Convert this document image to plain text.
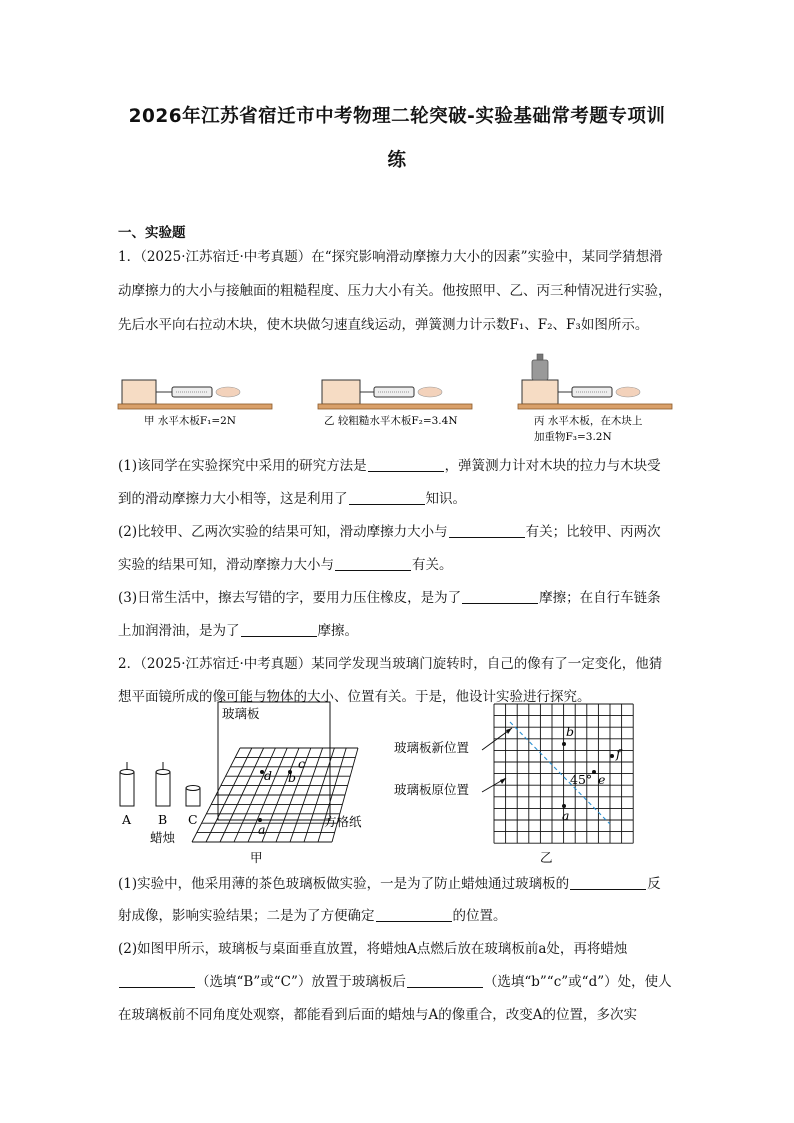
2026年江苏省宿迁市中考物理二轮突破-实验基础常考题专项训
练
一、实验题
1．（2025·江苏宿迁·中考真题）在“探究影响滑动摩擦力大小的因素”实验中，某同学猜想滑
动摩擦力的大小与接触面的粗糙程度、压力大小有关。他按照甲、乙、丙三种情况进行实验，
先后水平向右拉动木块，使木块做匀速直线运动，弹簧测力计示数F₁、F₂、F₃如图所示。
甲 水平木板F₁=2N	乙 较粗糙水平木板F₂=3.4N	丙 水平木板，在木块上
加重物F₃=3.2N
(1)该同学在实验探究中采用的研究方法是	，弹簧测力计对木块的拉力与木块受
到的滑动摩擦力大小相等，这是利用了	知识。
(2)比较甲、乙两次实验的结果可知，滑动摩擦力大小与	有关；比较甲、丙两次
实验的结果可知，滑动摩擦力大小与	有关。
(3)日常生活中，擦去写错的字，要用力压住橡皮，是为了	摩擦；在自行车链条
上加润滑油，是为了	摩擦。
2．（2025·江苏宿迁·中考真题）某同学发现当玻璃门旋转时，自己的像有了一定变化，他猜
想平面镜所成的像可能与物体的大小、位置有关。于是，他设计实验进行探究。
玻璃板
A B C
蜡烛
方格纸
d b
c
a
甲
玻璃板新位置
玻璃板原位置
b
f
e
a
45°
乙
(1)实验中，他采用薄的茶色玻璃板做实验，一是为了防止蜡烛通过玻璃板的	反
射成像，影响实验结果；二是为了方便确定	的位置。
(2)如图甲所示，玻璃板与桌面垂直放置，将蜡烛A点燃后放在玻璃板前a处，再将蜡烛
（选填“B”或“C”）放置于玻璃板后	（选填“b”“c”或“d”）处，使人
在玻璃板前不同角度处观察，都能看到后面的蜡烛与A的像重合，改变A的位置，多次实
